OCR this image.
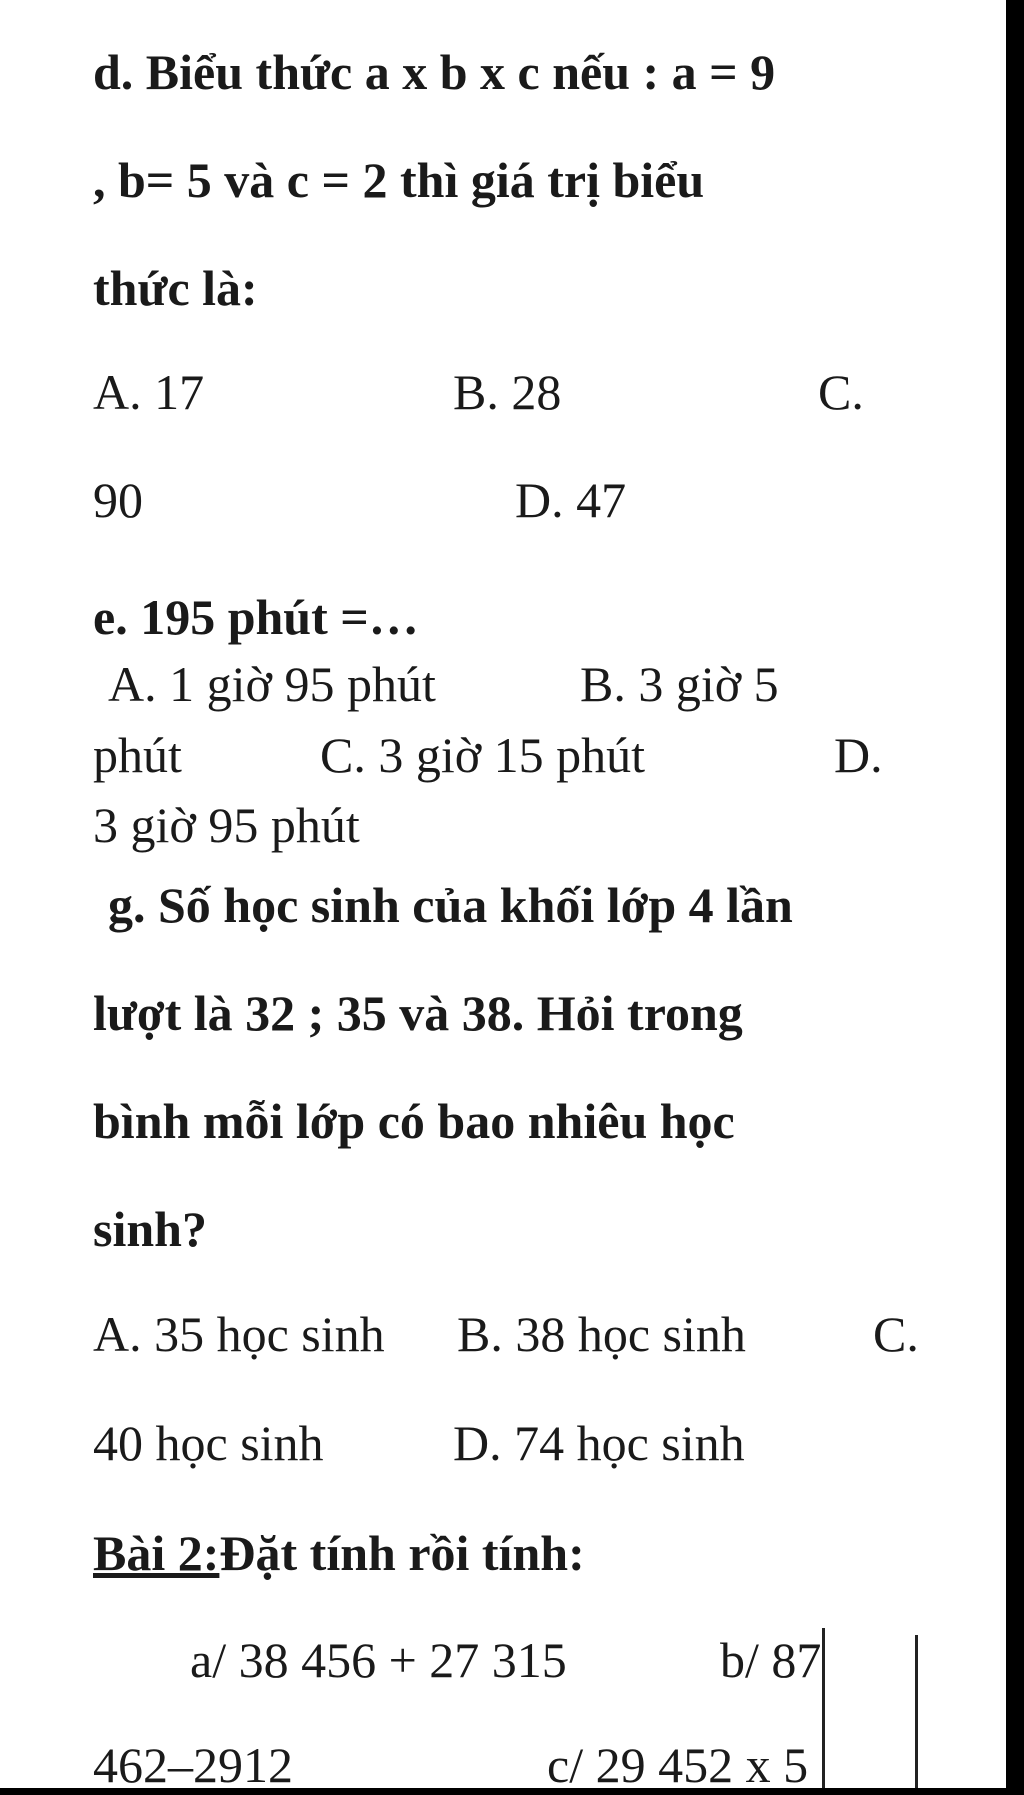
d. Biểu thức a x b x c nếu : a = 9
, b= 5 và c = 2 thì giá trị biểu
thức là:
A. 17	B. 28	C.
90	D. 47
e. 195 phút =…
A. 1 giờ 95 phút	B. 3 giờ 5
phút	C. 3 giờ 15 phút	D.
3 giờ 95 phút
g. Số học sinh của khối lớp 4 lần
lượt là 32 ; 35 và 38. Hỏi trong
bình mỗi lớp có bao nhiêu học
sinh?
A. 35 học sinh B. 38 học sinh	C.
40 học sinh	D. 74 học sinh
Bài 2:Đặt tính rồi tính:
a/ 38 456 + 27 315	b/ 87
462–2912	c/ 29 452 x 5
